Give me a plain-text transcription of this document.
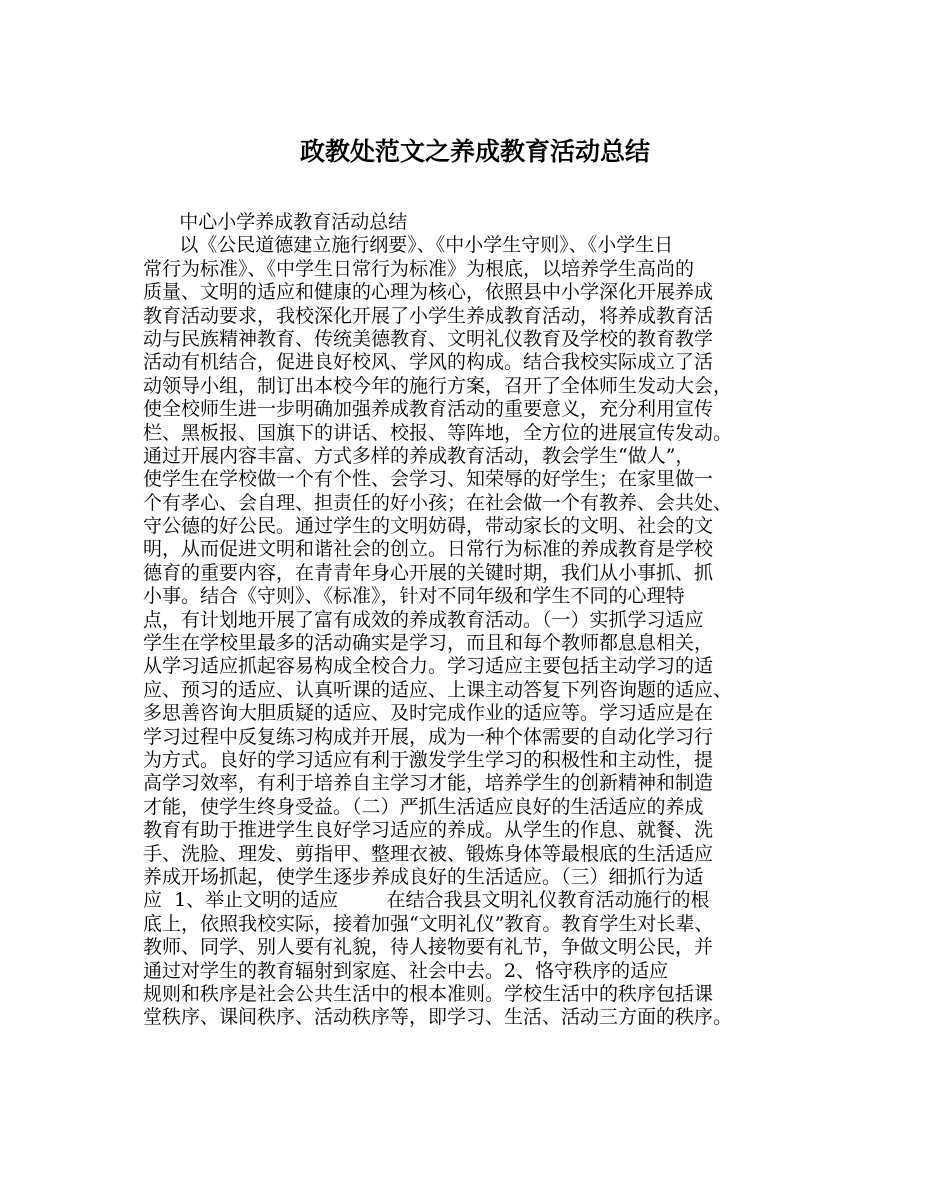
政教处范文之养成教育活动总结
中心小学养成教育活动总结
以《公民道德建立施行纲要》、《中小学生守则》、《小学生日
常行为标准》、《中学生日常行为标准》为根底，以培养学生高尚的
质量、文明的适应和健康的心理为核心，依照县中小学深化开展养成
教育活动要求，我校深化开展了小学生养成教育活动，将养成教育活
动与民族精神教育、传统美德教育、文明礼仪教育及学校的教育教学
活动有机结合，促进良好校风、学风的构成。结合我校实际成立了活
动领导小组，制订出本校今年的施行方案，召开了全体师生发动大会，
使全校师生进一步明确加强养成教育活动的重要意义，充分利用宣传
栏、黑板报、国旗下的讲话、校报、等阵地，全方位的进展宣传发动。
通过开展内容丰富、方式多样的养成教育活动，教会学生“做人”，
使学生在学校做一个有个性、会学习、知荣辱的好学生；在家里做一
个有孝心、会自理、担责任的好小孩；在社会做一个有教养、会共处、
守公德的好公民。通过学生的文明妨碍，带动家长的文明、社会的文
明，从而促进文明和谐社会的创立。日常行为标准的养成教育是学校
德育的重要内容，在青青年身心开展的关键时期，我们从小事抓、抓
小事。结合《守则》、《标准》，针对不同年级和学生不同的心理特
点，有计划地开展了富有成效的养成教育活动。（一）实抓学习适应
学生在学校里最多的活动确实是学习，而且和每个教师都息息相关，
从学习适应抓起容易构成全校合力。学习适应主要包括主动学习的适
应、预习的适应、认真听课的适应、上课主动答复下列咨询题的适应、
多思善咨询大胆质疑的适应、及时完成作业的适应等。学习适应是在
学习过程中反复练习构成并开展，成为一种个体需要的自动化学习行
为方式。良好的学习适应有利于激发学生学习的积极性和主动性，提
高学习效率，有利于培养自主学习才能，培养学生的创新精神和制造
才能，使学生终身受益。（二）严抓生活适应良好的生活适应的养成
教育有助于推进学生良好学习适应的养成。从学生的作息、就餐、洗
手、洗脸、理发、剪指甲、整理衣被、锻炼身体等最根底的生活适应
养成开场抓起，使学生逐步养成良好的生活适应。（三）细抓行为适
应  1、举止文明的适应        在结合我县文明礼仪教育活动施行的根
底上，依照我校实际，接着加强“文明礼仪”教育。教育学生对长辈、
教师、同学、别人要有礼貌，待人接物要有礼节，争做文明公民，并
通过对学生的教育辐射到家庭、社会中去。2、恪守秩序的适应
规则和秩序是社会公共生活中的根本准则。学校生活中的秩序包括课
堂秩序、课间秩序、活动秩序等，即学习、生活、活动三方面的秩序。
